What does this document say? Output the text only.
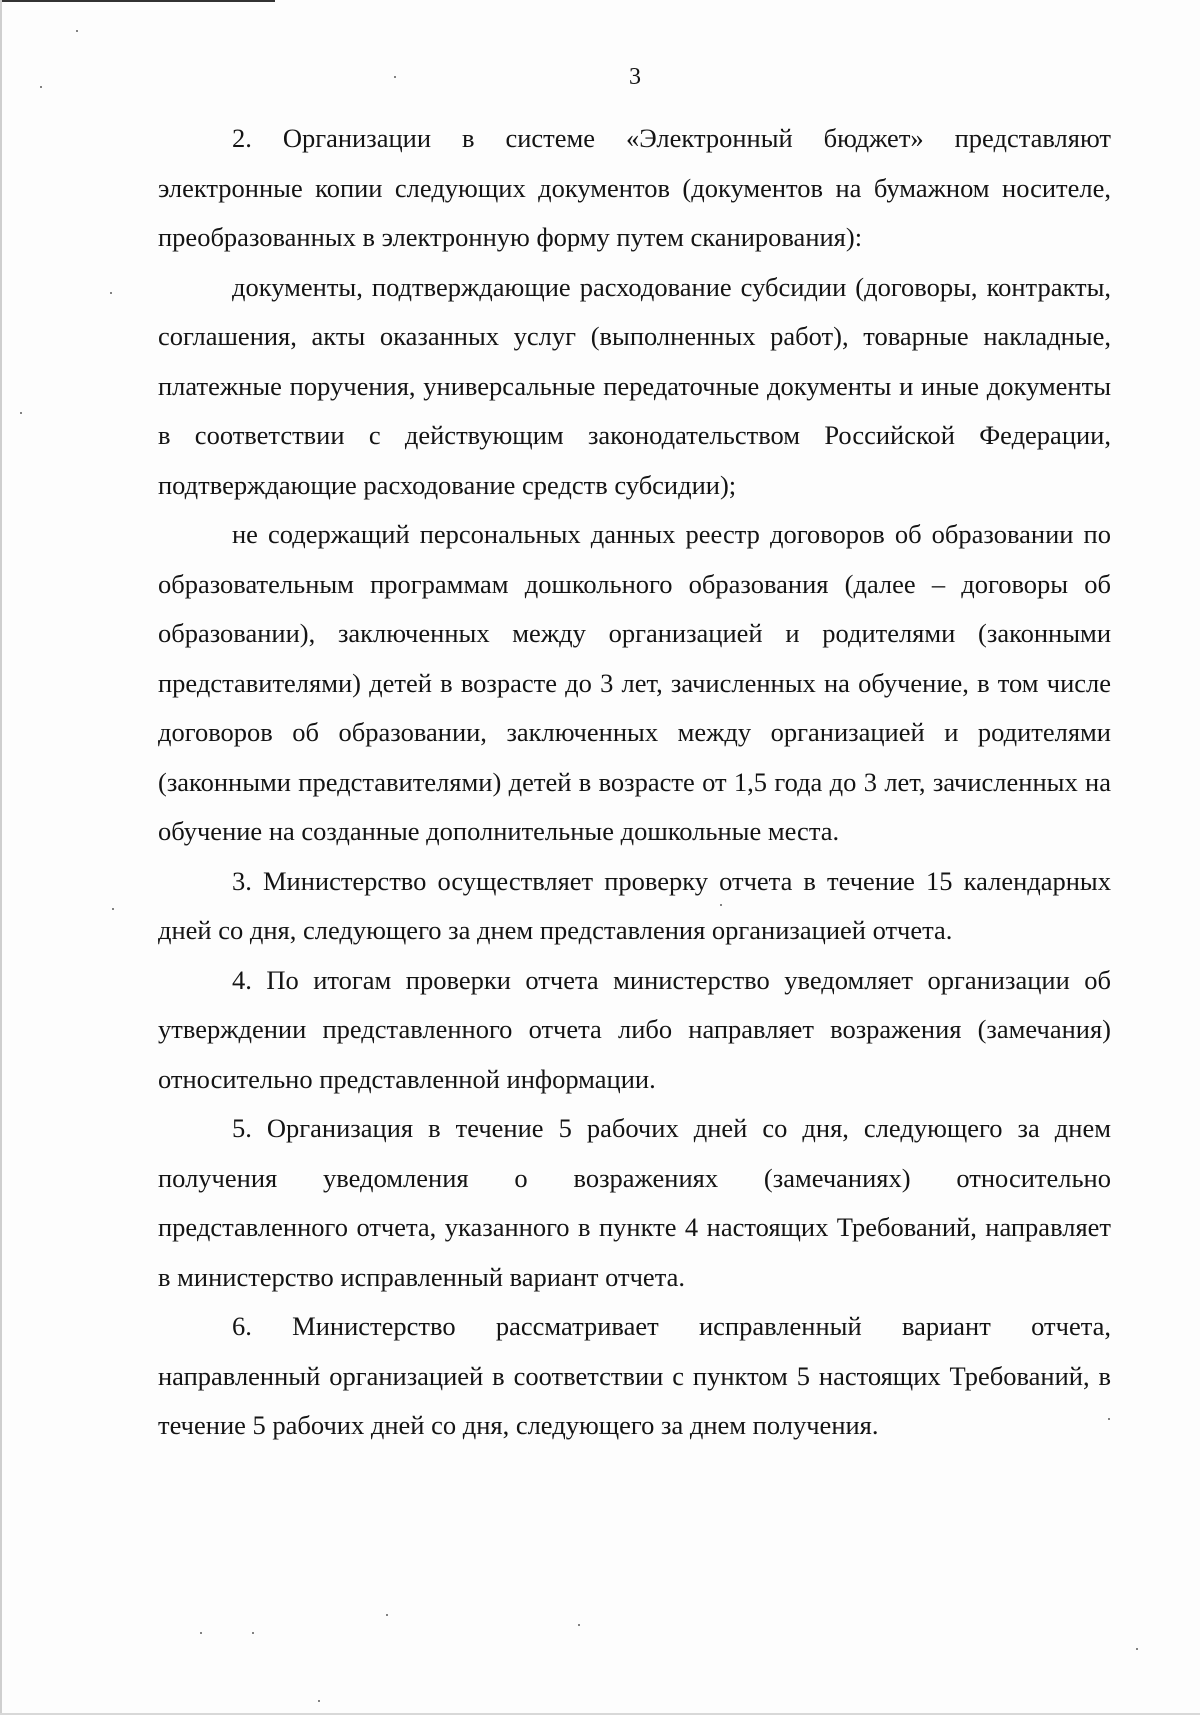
3

2. Организации в системе «Электронный бюджет» представляют электронные копии следующих документов (документов на бумажном носителе, преобразованных в электронную форму путем сканирования):

документы, подтверждающие расходование субсидии (договоры, контракты, соглашения, акты оказанных услуг (выполненных работ), товарные накладные, платежные поручения, универсальные передаточные документы и иные документы в соответствии с действующим законодательством Российской Федерации, подтверждающие расходование средств субсидии);

не содержащий персональных данных реестр договоров об образовании по образовательным программам дошкольного образования (далее – договоры об образовании), заключенных между организацией и родителями (законными представителями) детей в возрасте до 3 лет, зачисленных на обучение, в том числе договоров об образовании, заключенных между организацией и родителями (законными представителями) детей в возрасте от 1,5 года до 3 лет, зачисленных на обучение на созданные дополнительные дошкольные места.

3. Министерство осуществляет проверку отчета в течение 15 календарных дней со дня, следующего за днем представления организацией отчета.

4. По итогам проверки отчета министерство уведомляет организации об утверждении представленного отчета либо направляет возражения (замечания) относительно представленной информации.

5. Организация в течение 5 рабочих дней со дня, следующего за днем получения уведомления о возражениях (замечаниях) относительно представленного отчета, указанного в пункте 4 настоящих Требований, направляет в министерство исправленный вариант отчета.

6. Министерство рассматривает исправленный вариант отчета, направленный организацией в соответствии с пунктом 5 настоящих Требований, в течение 5 рабочих дней со дня, следующего за днем получения.
